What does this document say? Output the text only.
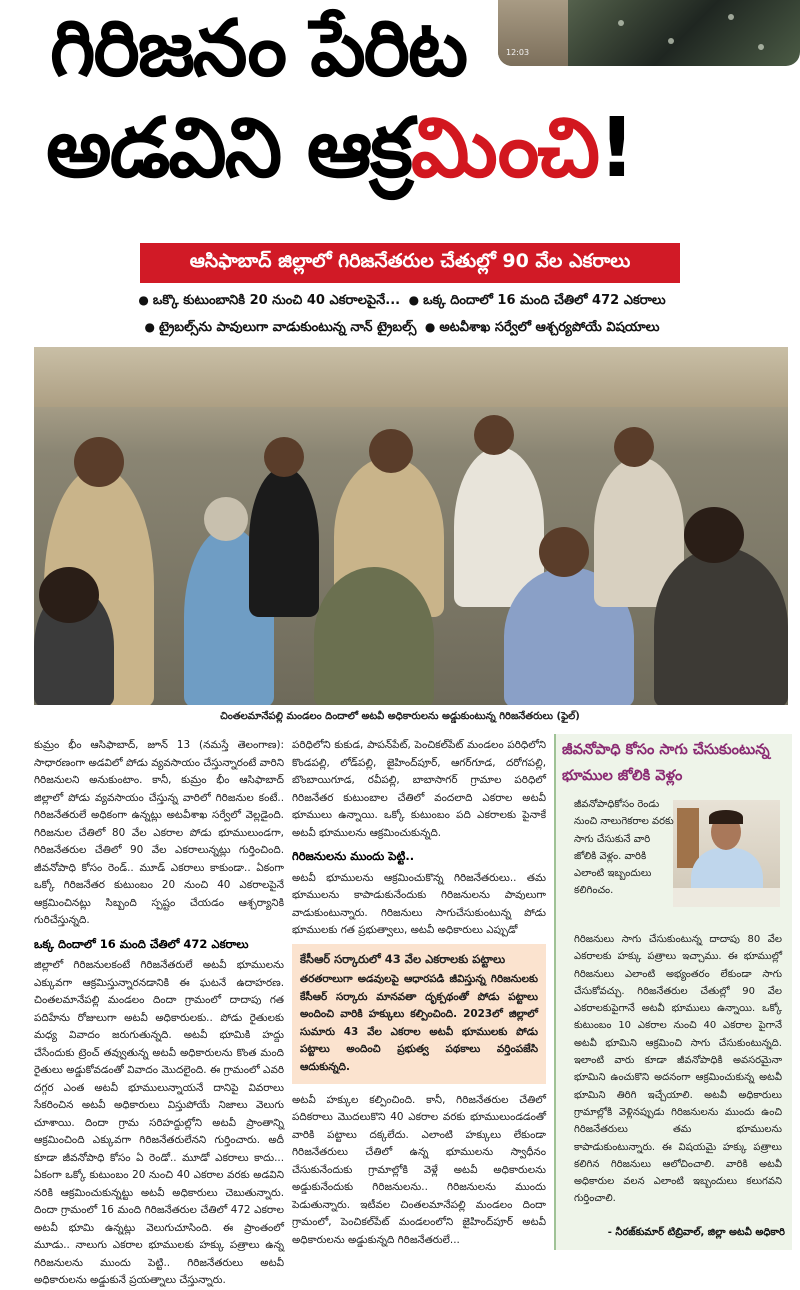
12:03
గిరిజనం పేరిట
అడవిని ఆక్రమించి!
ఆసిఫాబాద్ జిల్లాలో గిరిజనేతరుల చేతుల్లో 90 వేల ఎకరాలు
● ఒక్కొ కుటుంబానికి 20 నుంచి 40 ఎకరాలపైనే... ● ఒక్క దిందాలో 16 మంది చేతిలో 472 ఎకరాలు
● ట్రైబల్స్‌ను పావులుగా వాడుకుంటున్న నాన్ ట్రైబల్స్ ● అటవీశాఖ సర్వేలో ఆశ్చర్యపోయే విషయాలు
చింతలమానేపల్లి మండలం దిందాలో అటవీ అధికారులను అడ్డుకుంటున్న గిరిజనేతరులు (ఫైల్)

కుమ్రం భీం ఆసిఫాబాద్, జూన్ 13 (నమస్తే తెలంగాణ): సాధారణంగా అడవిలో పోడు వ్యవసాయం చేస్తున్నారంటే వారిని గిరిజనులని అనుకుంటాం. కానీ, కుమ్రం భీం ఆసిఫాబాద్ జిల్లాలో పోడు వ్యవసాయం చేస్తున్న వారిలో గిరిజనుల కంటే.. గిరిజనేతరులే అధికంగా ఉన్నట్లు అటవీశాఖ సర్వేలో వెల్లడైంది. గిరిజనుల చేతిలో 80 వేల ఎకరాల పోడు భూములుండగా, గిరిజనేతరుల చేతిలో 90 వేల ఎకరాలున్నట్లు గుర్తించింది. జీవనోపాధి కోసం రెండ్.. మూడ్ ఎకరాలు కాకుండా.. ఏకంగా ఒక్కో గిరిజనేతర కుటుంబం 20 నుంచి 40 ఎకరాలపైనే ఆక్రమించినట్లు సిబ్బంది స్పష్టం చేయడం ఆశ్చర్యానికి గురిచేస్తున్నది.

ఒక్క దిందాలో 16 మంది చేతిలో 472 ఎకరాలు

జిల్లాలో గిరిజనులకంటే గిరిజనేతరులే అటవీ భూములను ఎక్కువగా ఆక్రమిస్తున్నారనడానికి ఈ ఘటనే ఉదాహరణ. చింతలమానేపల్లి మండలం దిందా గ్రామంలో దాదాపు గత పదిహేను రోజులుగా అటవీ అధికారులకు.. పోడు రైతులకు మధ్య వివాదం జరుగుతున్నది. అటవీ భూమికి హద్దు చేసేందుకు ట్రెంచ్ తవ్వుతున్న అటవీ అధికారులను కొంత మంది రైతులు అడ్డుకోవడంతో వివాదం మొదలైంది. ఈ గ్రామంలో ఎవరి దగ్గర ఎంత అటవీ భూములున్నాయనే దానిపై వివరాలు సేకరించిన అటవీ అధికారులు విస్తుపోయే నిజాలు వెలుగు చూశాయి. దిందా గ్రామ సరిహద్దుల్లోని అటవీ ప్రాంతాన్ని ఆక్రమించింది ఎక్కువగా గిరిజనేతరులేనని గుర్తించారు. అదీ కూడా జీవనోపాధి కోసం ఏ రెండో.. మూడో ఎకరాలు కాదు... ఏకంగా ఒక్కో కుటుంబం 20 నుంచి 40 ఎకరాల వరకు అడవిని నరికి ఆక్రమించుకున్నట్టు అటవీ అధికారులు చెబుతున్నారు. దిందా గ్రామంలో 16 మంది గిరిజనేతరుల చేతిలో 472 ఎకరాల అటవీ భూమి ఉన్నట్లు వెలుగుచూసింది. ఈ ప్రాంతంలో మూడు.. నాలుగు ఎకరాల భూములకు హక్కు పత్రాలు ఉన్న గిరిజనులను ముందు పెట్టి.. గిరిజనేతరులు అటవీ అధికారులను అడ్డుకునే ప్రయత్నాలు చేస్తున్నారు.

పరిధిలోని కుకుడ, పాపన్‌పేట్, పెంచికల్‌పేట్ మండలం పరిధిలోని కొండపల్లి, లోడ్‌పల్లి, జైహింద్‌పూర్, ఆగర్‌గూడ, దరోగపల్లి, బొంబాయిగూడ, రవీపల్లి, బాబాసాగర్ గ్రామాల పరిధిలో గిరిజనేతర కుటుంబాల చేతిలో వందలాది ఎకరాల అటవీ భూములు ఉన్నాయి. ఒక్కో కుటుంబం పది ఎకరాలకు పైనాకే అటవీ భూములను ఆక్రమించుకున్నది.

గిరిజనులను ముందు పెట్టి..

అటవీ భూములను ఆక్రమించుకొన్న గిరిజనేతరులు.. తమ భూములను కాపాడుకునేందుకు గిరిజనులను పావులుగా వాడుకుంటున్నారు. గిరిజనులు సాగుచేసుకుంటున్న పోడు భూములకు గత ప్రభుత్వాలు, అటవీ అధికారులు ఎప్పుడో

అటవీ హక్కుల కల్పించింది. కానీ, గిరిజనేతరుల చేతిలో పదికరాలు మొదలుకొని 40 ఎకరాల వరకు భూములుండడంతో వారికి పట్టాలు దక్కలేదు. ఎలాంటి హక్కులు లేకుండా గిరిజనేతరులు చేతిలో ఉన్న భూములను స్వాధీనం చేసుకునేందుకు గ్రామాల్లోకి వెళ్లే అటవీ అధికారులను అడ్డుకునేందుకు గిరిజనులను.. గిరిజనులను ముందు పెడుతున్నారు. ఇటీవల చింతలమానేపల్లి మండలం దిందా గ్రామంలో, పెంచికల్‌పేట్ మండలంలోని జైహింద్‌పూర్ అటవీ అధికారులను అడ్డుకున్నది గిరిజనేతరులే...

కేసీఆర్ సర్కారులో 43 వేల ఎకరాలకు పట్టాలు
తరతరాలుగా అడవులపై ఆధారపడి జీవిస్తున్న గిరిజనులకు కేసీఆర్ సర్కారు మానవతా దృక్పథంతో పోడు పట్టాలు అందించి వారికి హక్కులు కల్పించింది. 2023లో జిల్లాలో సుమారు 43 వేల ఎకరాల అటవీ భూములకు పోడు పట్టాలు అందించి ప్రభుత్వ పథకాలు వర్తింపజేసి ఆదుకున్నది.
జీవనోపాధి కోసం సాగు చేసుకుంటున్న భూముల జోలికి వెళ్లం
జీవనోపాధికోసం రెండు నుంచి నాలుగెకరాల వరకు సాగు చేసుకునే వారి జోలికి వెళ్లం. వారికి ఎలాంటి ఇబ్బందులు కలిగించం.
గిరిజనులు సాగు చేసుకుంటున్న దాదాపు 80 వేల ఎకరాలకు హక్కు పత్రాలు ఇచ్చాము. ఈ భూముల్లో గిరిజనులు ఎలాంటి అభ్యంతరం లేకుండా సాగు చేసుకోవచ్చు. గిరిజనేతరుల చేతుల్లో 90 వేల ఎకరాలకుపైగానే అటవీ భూములు ఉన్నాయి. ఒక్కో కుటుంబం 10 ఎకరాల నుంచి 40 ఎకరాల పైగానే అటవీ భూమిని ఆక్రమించి సాగు చేసుకుంటున్నది. ఇలాంటి వారు కూడా జీవనోపాధికి అవసరమైనా భూమిని ఉంచుకొని అదనంగా ఆక్రమించుకున్న అటవీ భూమిని తిరిగి ఇచ్చేయాలి. అటవీ అధికారులు గ్రామాల్లోకి వెళ్లినప్పుడు గిరిజనులను ముందు ఉంచి గిరిజనేతరులు తమ భూములను కాపాడుకుంటున్నారు. ఈ విషయమై హక్కు పత్రాలు కలిగిన గిరిజనులు ఆలోచించాలి. వారికి అటవీ అధికారుల వలన ఎలాంటి ఇబ్బందులు కలుగవని గుర్తించాలి.
- నీరజ్‌కుమార్ టిబ్రివాల్, జిల్లా అటవీ అధికారి
